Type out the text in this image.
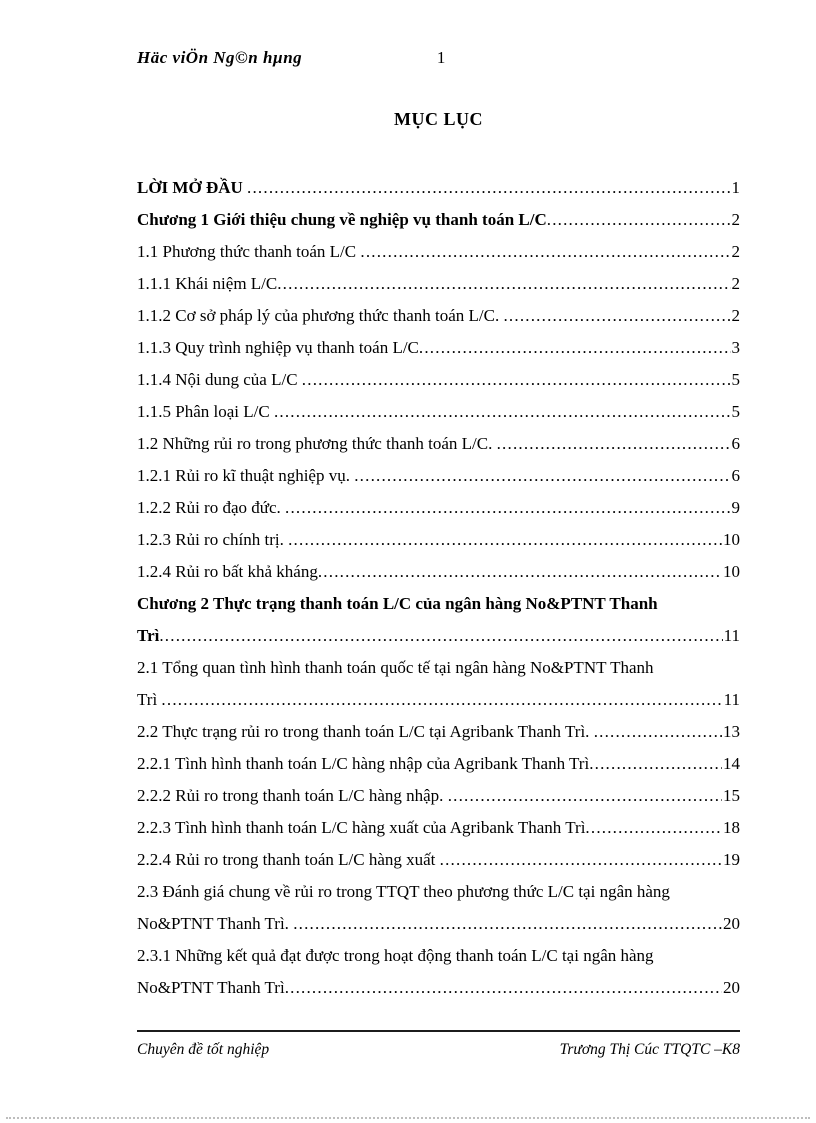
Häc viÖn Ng©n hµng	1
MỤC LỤC
LỜI MỞ ĐẦU .....	1
Chương 1 Giới thiệu chung về nghiệp vụ thanh toán L/C .....	2
1.1 Phương thức thanh toán L/C .....	2
1.1.1 Khái niệm L/C .....	2
1.1.2 Cơ sở pháp lý của phương thức thanh toán L/C. .....	2
1.1.3 Quy trình nghiệp vụ thanh toán L/C .....	3
1.1.4 Nội dung của L/C .....	5
1.1.5 Phân loại L/C .....	5
1.2 Những rủi ro trong phương thức thanh toán L/C. .....	6
1.2.1 Rủi ro kĩ thuật nghiệp vụ. .....	6
1.2.2 Rủi ro đạo đức. .....	9
1.2.3 Rủi ro chính trị. .....	10
1.2.4 Rủi ro bất khả kháng .....	10
Chương 2 Thực trạng thanh toán L/C của ngân hàng No&PTNT Thanh
Trì .....	11
2.1 Tổng quan tình hình thanh toán quốc tế tại ngân hàng No&PTNT Thanh
Trì .....	11
2.2 Thực trạng rủi ro trong thanh toán L/C tại Agribank Thanh Trì. .....	13
2.2.1 Tình hình thanh toán L/C hàng nhập của Agribank Thanh Trì .....	14
2.2.2 Rủi ro trong thanh toán L/C hàng nhập. .....	15
2.2.3 Tình hình thanh toán L/C hàng xuất của Agribank Thanh Trì .....	18
2.2.4 Rủi ro trong thanh toán L/C hàng xuất .....	19
2.3 Đánh giá chung về rủi ro trong TTQT theo phương thức L/C tại ngân hàng
No&PTNT Thanh Trì. .....	20
2.3.1 Những kết quả đạt được trong hoạt động thanh toán L/C tại ngân hàng
No&PTNT Thanh Trì .....	20
Chuyên đề tốt nghiệp	Trương Thị Cúc TTQTC –K8
